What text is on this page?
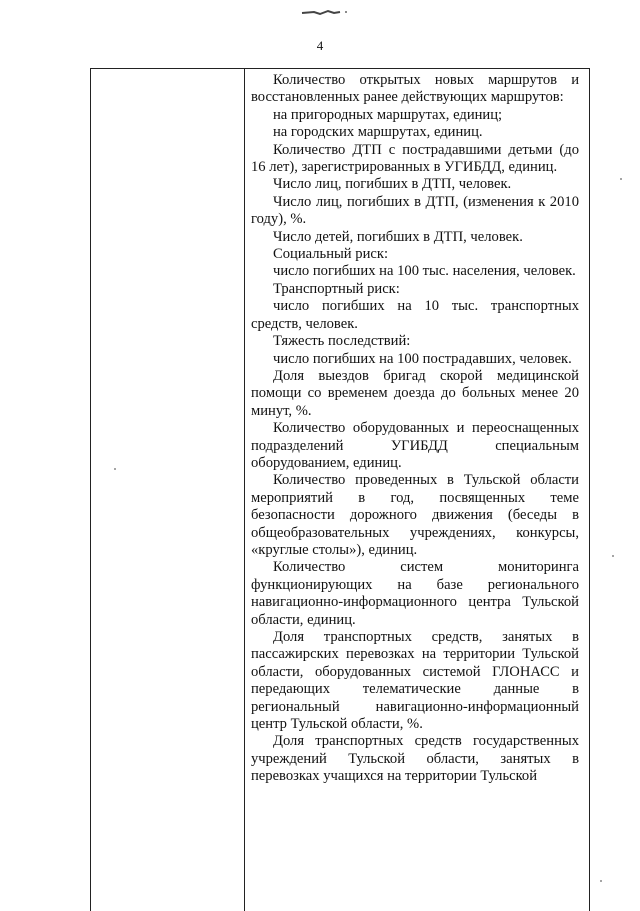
4

Количество открытых новых маршрутов и восстановленных ранее действующих маршрутов:

на пригородных маршрутах, единиц;

на городских маршрутах, единиц.

Количество ДТП с пострадавшими детьми (до 16 лет), зарегистрированных в УГИБДД, единиц.

Число лиц, погибших в ДТП, человек.

Число лиц, погибших в ДТП, (изменения к 2010 году), %.

Число детей, погибших в ДТП, человек.

Социальный риск:

число погибших на 100 тыс. населения, человек.

Транспортный риск:

число погибших на 10 тыс. транспортных средств, человек.

Тяжесть последствий:

число погибших на 100 пострадавших, человек.

Доля выездов бригад скорой медицинской помощи со временем доезда до больных менее 20 минут, %.

Количество оборудованных и переоснащенных подразделений УГИБДД специальным оборудованием, единиц.

Количество проведенных в Тульской области мероприятий в год, посвященных теме безопасности дорожного движения (беседы в общеобразовательных учреждениях, конкурсы, «круглые столы»), единиц.

Количество систем мониторинга функционирующих на базе регионального навигационно-информационного центра Тульской области, единиц.

Доля транспортных средств, занятых в пассажирских перевозках на территории Тульской области, оборудованных системой ГЛОНАСС и передающих телематические данные в региональный навигационно-информационный центр Тульской области, %.

Доля транспортных средств государственных учреждений Тульской области, занятых в перевозках учащихся на территории Тульской
